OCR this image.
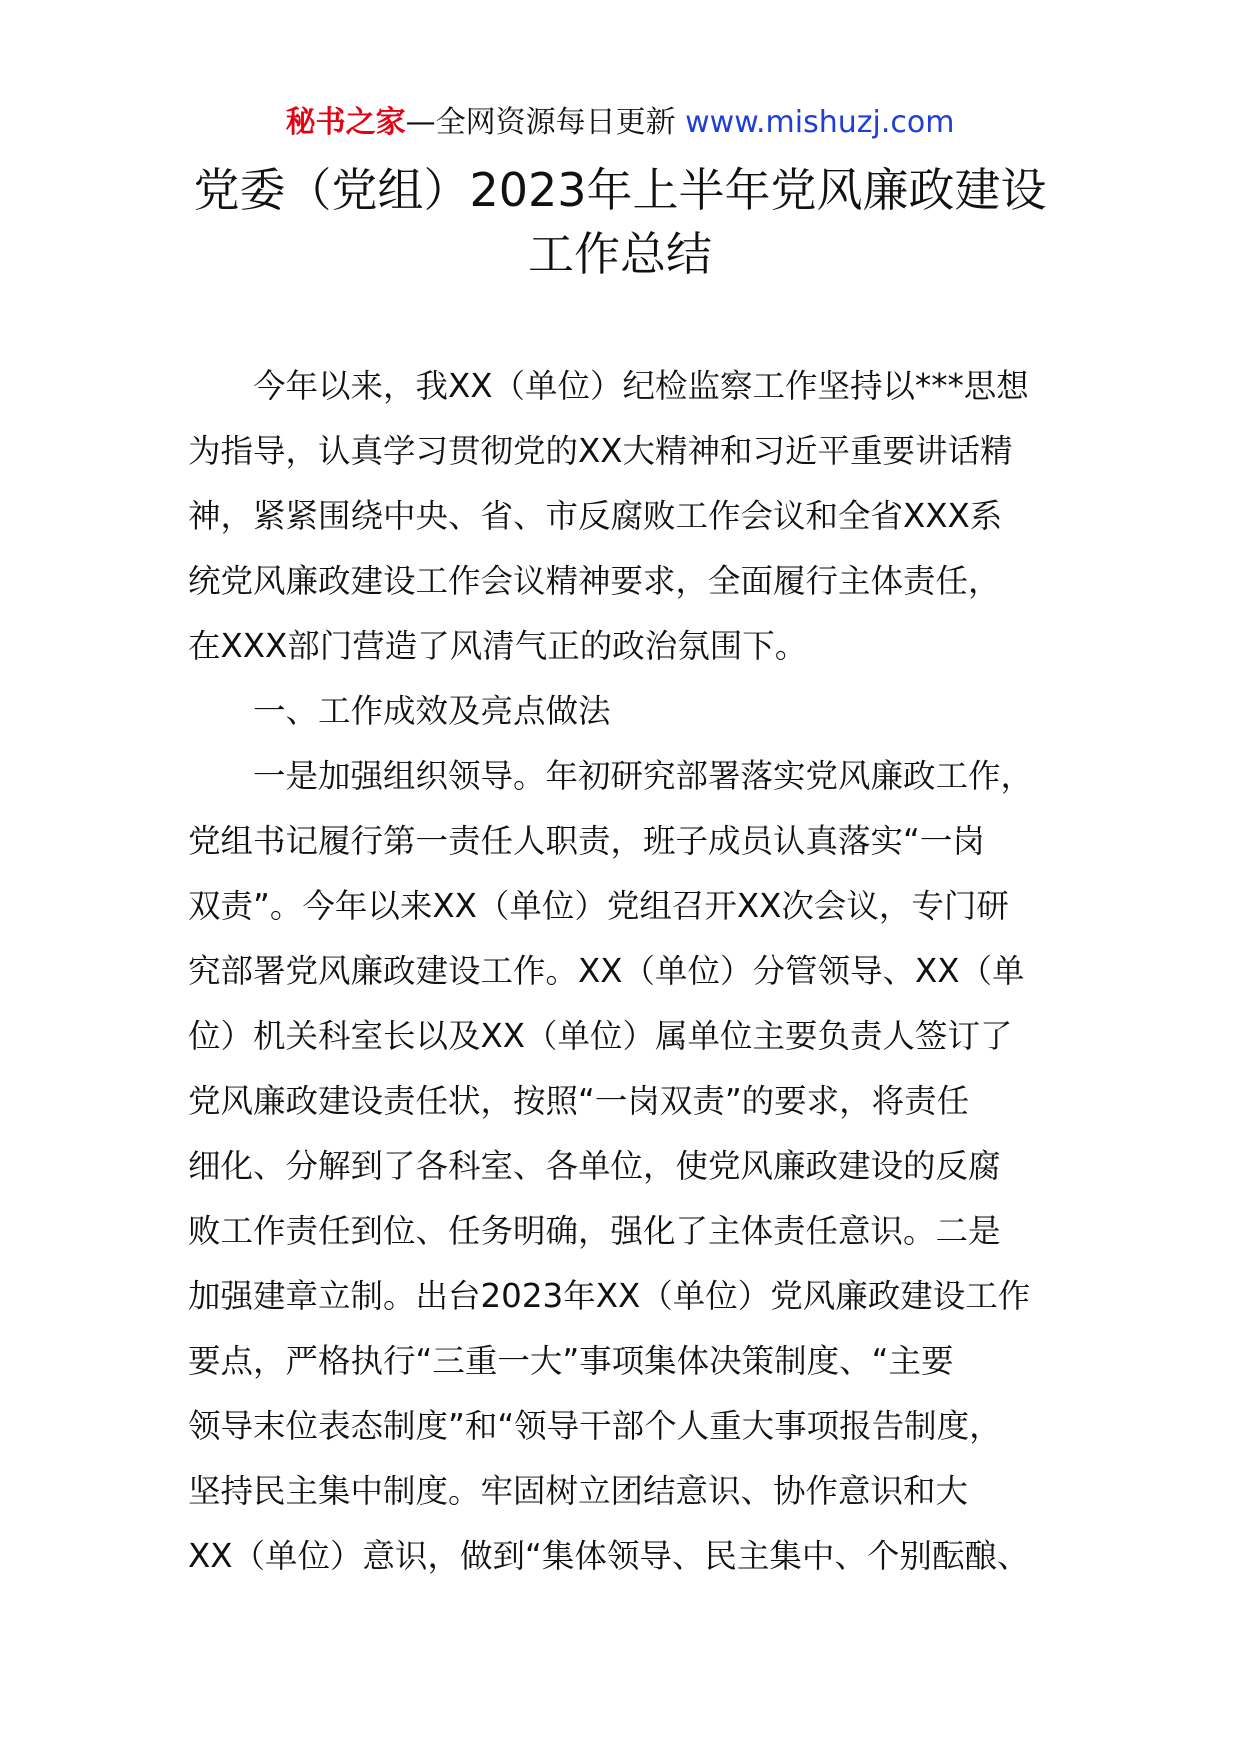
秘书之家—全网资源每日更新 www.mishuzj.com
党委（党组）2023年上半年党风廉政建设
工作总结
今年以来，我XX（单位）纪检监察工作坚持以***思想
为指导，认真学习贯彻党的XX大精神和习近平重要讲话精
神，紧紧围绕中央、省、市反腐败工作会议和全省XXX系
统党风廉政建设工作会议精神要求，全面履行主体责任，
在XXX部门营造了风清气正的政治氛围下。
一、工作成效及亮点做法
一是加强组织领导。年初研究部署落实党风廉政工作，
党组书记履行第一责任人职责，班子成员认真落实“一岗
双责”。今年以来XX（单位）党组召开XX次会议，专门研
究部署党风廉政建设工作。XX（单位）分管领导、XX（单
位）机关科室长以及XX（单位）属单位主要负责人签订了
党风廉政建设责任状，按照“一岗双责”的要求，将责任
细化、分解到了各科室、各单位，使党风廉政建设的反腐
败工作责任到位、任务明确，强化了主体责任意识。二是
加强建章立制。出台2023年XX（单位）党风廉政建设工作
要点，严格执行“三重一大”事项集体决策制度、“主要
领导末位表态制度”和“领导干部个人重大事项报告制度，
坚持民主集中制度。牢固树立团结意识、协作意识和大
XX（单位）意识，做到“集体领导、民主集中、个别酝酿、
